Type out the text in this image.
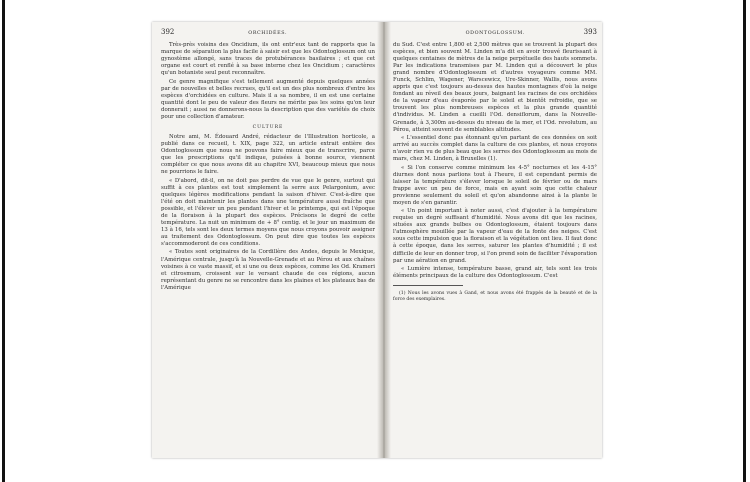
392	ORCHIDÉES.

Très-près voisins des Oncidium, ils ont entr'eux tant de rapports que la marque de séparation la plus facile à saisir est que les Odontoglossum ont un gynostème allongé, sans traces de protubérances basilaires ; et que cet organe est court et renflé à sa base interne chez les Oncidium ; caractères qu'un botaniste seul peut reconnaître.

Ce genre magnifique s'est tellement augmenté depuis quelques années par de nouvelles et belles recrues, qu'il est un des plus nombreux d'entre les espèces d'orchidées en culture. Mais il a sa nombre, il en est une certaine quantité dont le peu de valeur des fleurs ne mérite pas les soins qu'on leur donnerait ; aussi ne donnerons-nous la description que des variétés de choix pour une collection d'amateur.

CULTURE

Notre ami, M. Édouard André, rédacteur de l'Illustration horticole, a publié dans ce recueil, t. XIX, page 322, un article extrait entière des Odontoglossum que nous ne pouvons faire mieux que de transcrire, parce que les prescriptions qu'il indique, puisées à bonne source, viennent compléter ce que nous avons dit au chapitre XVI, beaucoup mieux que nous ne pourrions le faire.

« D'abord, dit-il, on ne doit pas perdre de vue que le genre, surtout qui suffit à ces plantes est tout simplement la serre aux Pelargonium, avec quelques légères modifications pendant la saison d'hiver. C'est-à-dire que l'été on doit maintenir les plantes dans une température aussi fraîche que possible, et l'élever un peu pendant l'hiver et le printemps, qui est l'époque de la floraison à la plupart des espèces. Précisons le degré de cette température. La nuit un minimum de + 8° centig. et le jour un maximum de 13 à 16, tels sont les deux termes moyens que nous croyons pouvoir assigner au traitement des Odontoglossum. On peut dire que toutes les espèces s'accommoderont de ces conditions.

« Toutes sont originaires de la Cordillère des Andes, depuis le Mexique, l'Amérique centrale, jusqu'à la Nouvelle-Grenade et au Pérou et aux chaînes voisines à ce vaste massif, et si une ou deux espèces, comme les Od. Krameri et citrosmum, croissent sur le versant chaude de ces régions, aucun représentant du genre ne se rencontre dans les plaines et les plateaux bas de l'Amérique

ODONTOGLOSSUM.	393

du Sud. C'est entre 1,800 et 2,500 mètres que se trouvent la plupart des espèces, et bien souvent M. Linden m'a dit en avoir trouvé fleurissant à quelques centaines de mètres de la neige perpétuelle des hauts sommets. Par les indications transmises par M. Linden qui a découvert le plus grand nombre d'Odontoglossum et d'autres voyageurs comme MM. Funck, Schlim, Wagener, Warscewicz, Ure-Skinner, Wallis, nous avons appris que c'est toujours au-dessus des hautes montagnes d'où la neige fondant au réveil des beaux jours, baignant les racines de ces orchidées de la vapeur d'eau évaporée par le soleil et bientôt refroidie, que se trouvent les plus nombreuses espèces et la plus grande quantité d'individus. M. Linden a cueilli l'Od. densiflorum, dans la Nouvelle-Grenade, à 3,300m au-dessus du niveau de la mer, et l'Od. revolutum, au Pérou, atteint souvent de semblables altitudes.

« L'essentiel donc pas étonnant qu'en partant de ces données on soit arrivé au succès complet dans la culture de ces plantes, et nous croyons n'avoir rien vu de plus beau que les serres des Odontoglossum au mois de mars, chez M. Linden, à Bruxelles (1).

« Si l'on conserve comme minimum les 4-5° nocturnes et les 4-15° diurnes dont nous parlions tout à l'heure, il est cependant permis de laisser la température s'élever lorsque le soleil de février ou de mars frappe avec un peu de force, mais en ayant soin que cette chaleur provienne seulement du soleil et qu'on abandonne ainsi à la plante le moyen de s'en garantir.

« Un point important à noter aussi, c'est d'ajouter à la température requise un degré suffisant d'humidité. Nous avons dit que les racines, situées aux grands bulbes ou Odontoglossum, étaient toujours dans l'atmosphère mouillée par la vapeur d'eau de la fonte des neiges. C'est sous cette impulsion que la floraison et la végétation ont lieu. Il faut donc à cette époque, dans les serres, saturer les plantes d'humidité ; il est difficile de leur en donner trop, si l'on prend soin de faciliter l'évaporation par une aération en grand.

« Lumière intense, température basse, grand air, tels sont les trois éléments principaux de la culture des Odontoglossum. C'est

(1) Nous les avons vues à Gand, et nous avons été frappés de la beauté et de la force des exemplaires.
